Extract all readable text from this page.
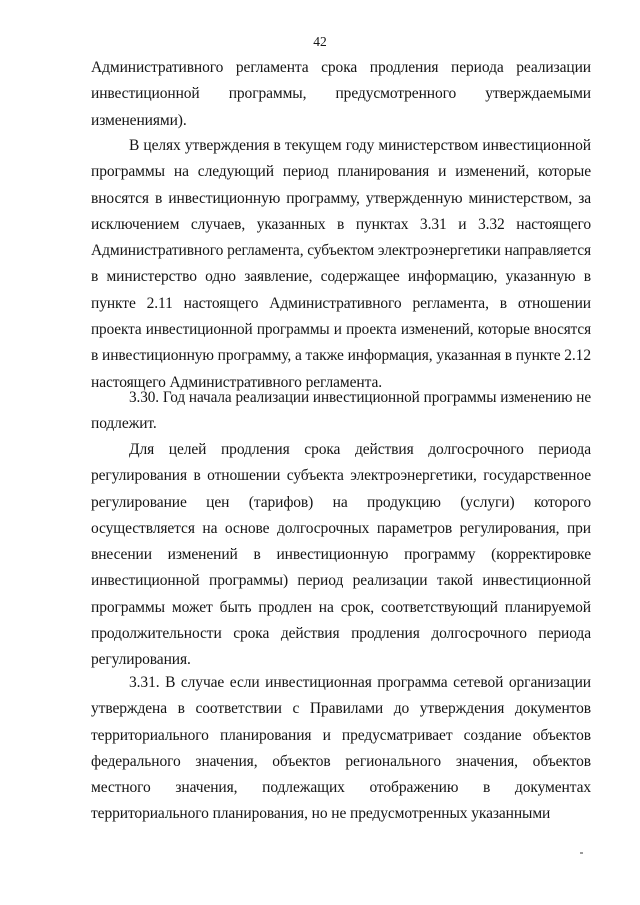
42

Административного регламента срока продления периода реализации
инвестиционной программы, предусмотренного утверждаемыми
изменениями).

В целях утверждения в текущем году министерством инвестиционной
программы на следующий период планирования и изменений, которые
вносятся в инвестиционную программу, утвержденную министерством, за
исключением случаев, указанных в пунктах 3.31 и 3.32 настоящего
Административного регламента, субъектом электроэнергетики направляется
в министерство одно заявление, содержащее информацию, указанную в
пункте 2.11 настоящего Административного регламента, в отношении
проекта инвестиционной программы и проекта изменений, которые вносятся
в инвестиционную программу, а также информация, указанная в пункте 2.12
настоящего Административного регламента.

3.30. Год начала реализации инвестиционной программы изменению не
подлежит.

Для целей продления срока действия долгосрочного периода
регулирования в отношении субъекта электроэнергетики, государственное
регулирование цен (тарифов) на продукцию (услуги) которого
осуществляется на основе долгосрочных параметров регулирования, при
внесении изменений в инвестиционную программу (корректировке
инвестиционной программы) период реализации такой инвестиционной
программы может быть продлен на срок, соответствующий планируемой
продолжительности срока действия продления долгосрочного периода
регулирования.

3.31. В случае если инвестиционная программа сетевой организации
утверждена в соответствии с Правилами до утверждения документов
территориального планирования и предусматривает создание объектов
федерального значения, объектов регионального значения, объектов
местного значения, подлежащих отображению в документах
территориального планирования, но не предусмотренных указанными
